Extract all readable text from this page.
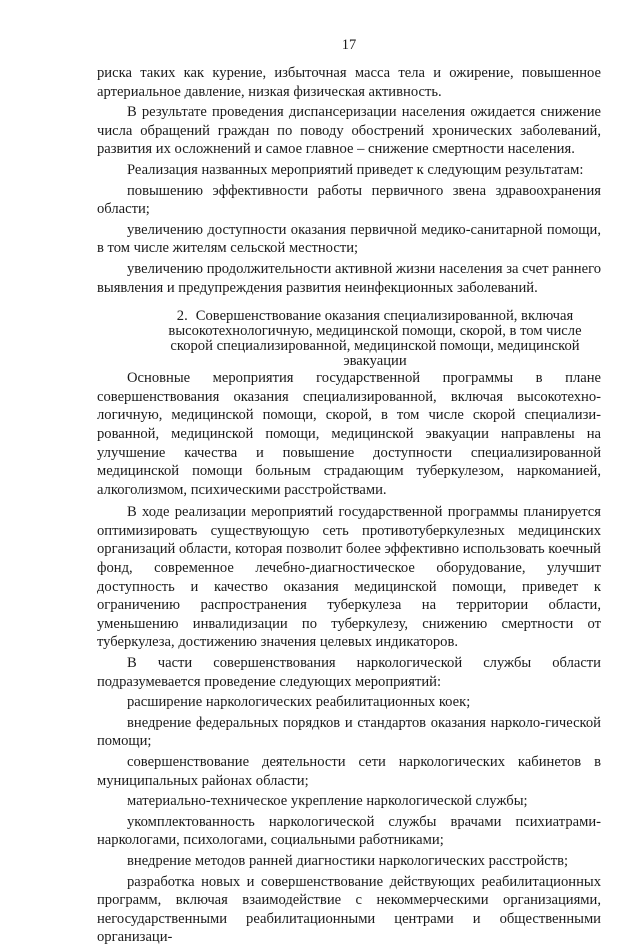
17

риска таких как курение, избыточная масса тела и ожирение, повышенное артериальное давление, низкая физическая активность.

В результате проведения диспансеризации населения ожидается снижение числа обращений граждан по поводу обострений хронических заболеваний, развития их осложнений и самое главное – снижение смертности населения.

Реализация названных мероприятий приведет к следующим результатам:

повышению эффективности работы первичного звена здравоохранения области;

увеличению доступности оказания первичной медико-санитарной помощи, в том числе жителям сельской местности;

увеличению продолжительности активной жизни населения за счет раннего выявления и предупреждения развития неинфекционных заболеваний.

2. Совершенствование оказания специализированной, включая высокотехнологичную, медицинской помощи, скорой, в том числе скорой специализированной, медицинской помощи, медицинской эвакуации

Основные мероприятия государственной программы в плане совершенствования оказания специализированной, включая высокотехно-логичную, медицинской помощи, скорой, в том числе скорой специализи-рованной, медицинской помощи, медицинской эвакуации направлены на улучшение качества и повышение доступности специализированной медицинской помощи больным страдающим туберкулезом, наркоманией, алкоголизмом, психическими расстройствами.

В ходе реализации мероприятий государственной программы планируется оптимизировать существующую сеть противотуберкулезных медицинских организаций области, которая позволит более эффективно использовать коечный фонд, современное лечебно-диагностическое оборудование, улучшит доступность и качество оказания медицинской помощи, приведет к ограничению распространения туберкулеза на территории области, уменьшению инвалидизации по туберкулезу, снижению смертности от туберкулеза, достижению значения целевых индикаторов.

В части совершенствования наркологической службы области подразумевается проведение следующих мероприятий:

расширение наркологических реабилитационных коек;

внедрение федеральных порядков и стандартов оказания нарколо-гической помощи;

совершенствование деятельности сети наркологических кабинетов в муниципальных районах области;

материально-техническое укрепление наркологической службы;

укомплектованность наркологической службы врачами психиатрами-наркологами, психологами, социальными работниками;

внедрение методов ранней диагностики наркологических расстройств;

разработка новых и совершенствование действующих реабилитационных программ, включая взаимодействие с некоммерческими организациями, негосударственными реабилитационными центрами и общественными организаци-
